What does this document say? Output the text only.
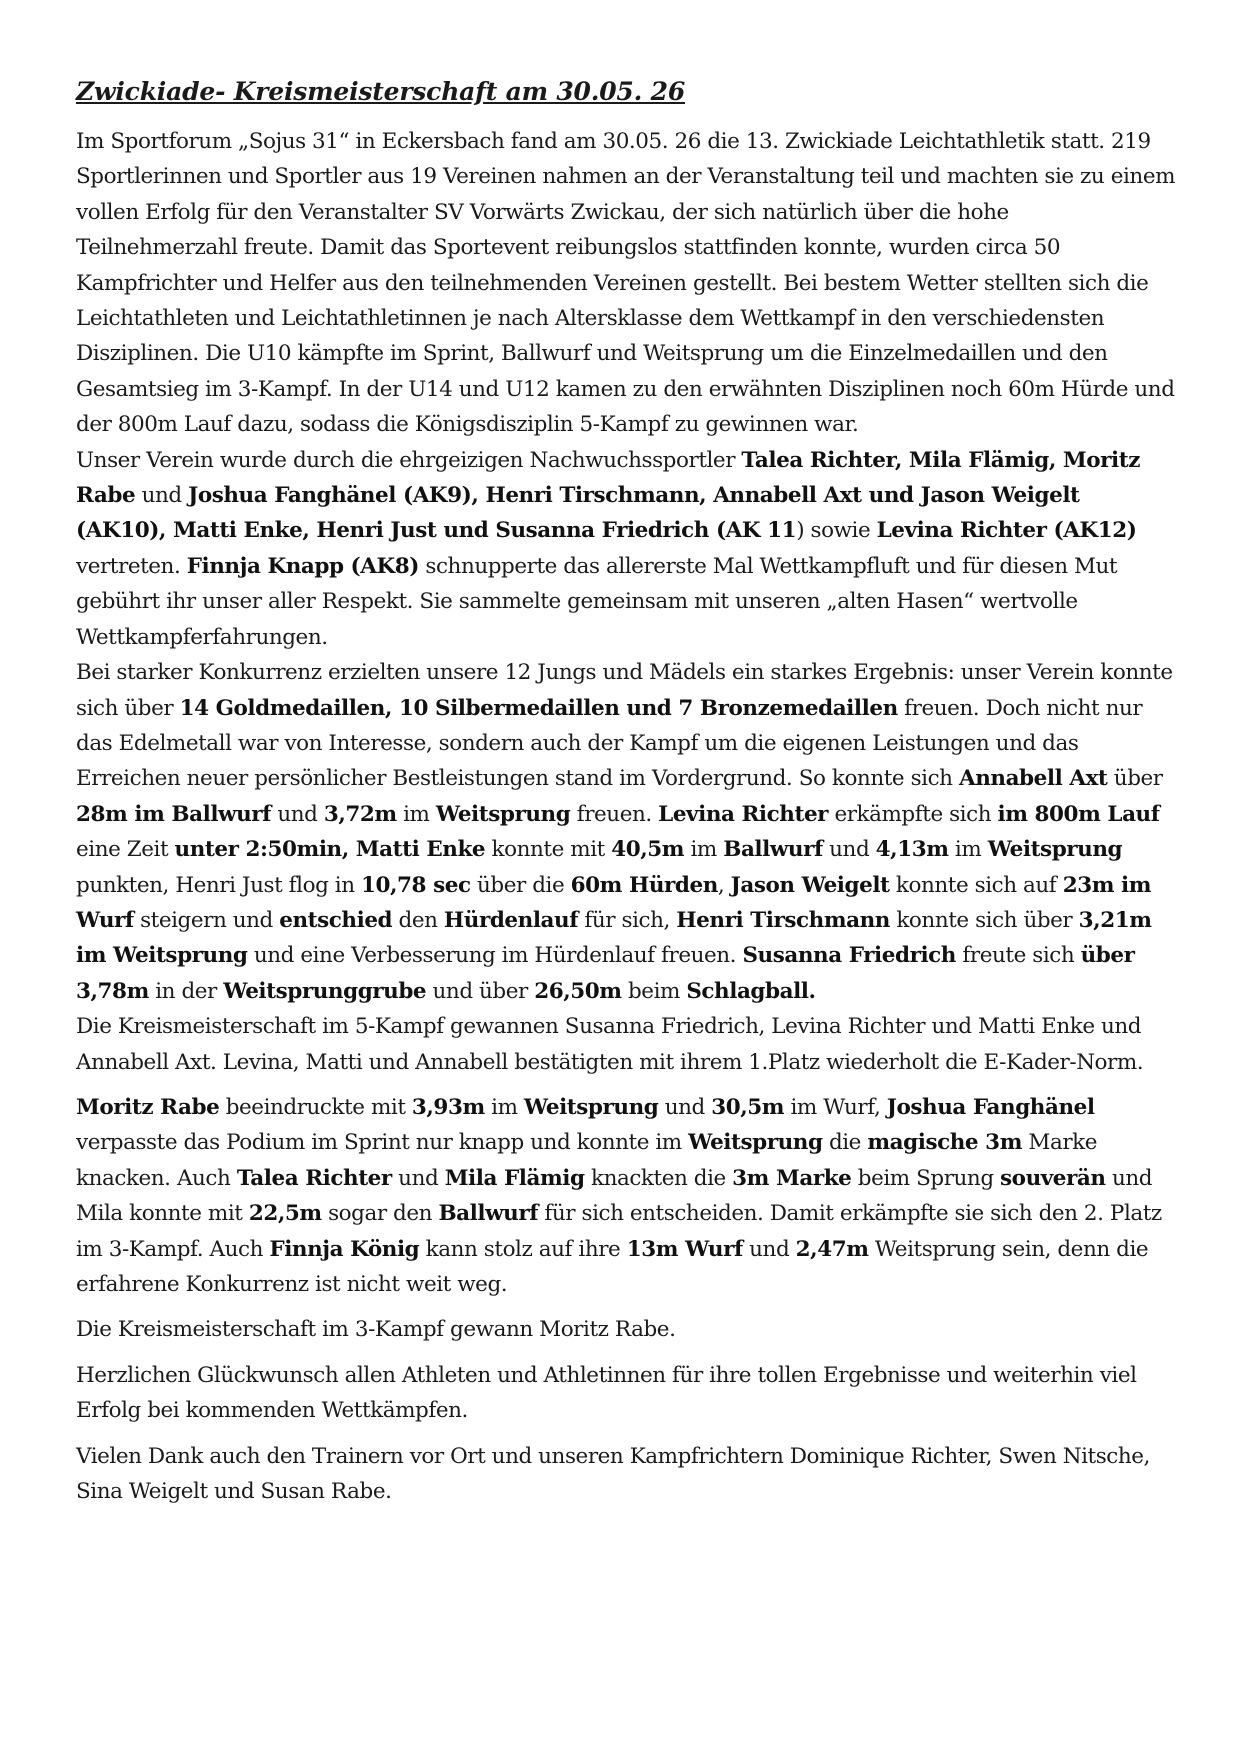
Zwickiade- Kreismeisterschaft am 30.05. 26

Im Sportforum „Sojus 31“ in Eckersbach fand am 30.05. 26 die 13. Zwickiade Leichtathletik statt. 219 Sportlerinnen und Sportler aus 19 Vereinen nahmen an der Veranstaltung teil und machten sie zu einem vollen Erfolg für den Veranstalter SV Vorwärts Zwickau, der sich natürlich über die hohe Teilnehmerzahl freute. Damit das Sportevent reibungslos stattfinden konnte, wurden circa 50 Kampfrichter und Helfer aus den teilnehmenden Vereinen gestellt. Bei bestem Wetter stellten sich die Leichtathleten und Leichtathletinnen je nach Altersklasse dem Wettkampf in den verschiedensten Disziplinen. Die U10 kämpfte im Sprint, Ballwurf und Weitsprung um die Einzelmedaillen und den Gesamtsieg im 3-Kampf. In der U14 und U12 kamen zu den erwähnten Disziplinen noch 60m Hürde und der 800m Lauf dazu, sodass die Königsdisziplin 5-Kampf zu gewinnen war.

Unser Verein wurde durch die ehrgeizigen Nachwuchssportler Talea Richter, Mila Flämig, Moritz Rabe und Joshua Fanghänel (AK9), Henri Tirschmann, Annabell Axt und Jason Weigelt (AK10), Matti Enke, Henri Just und Susanna Friedrich (AK 11) sowie Levina Richter (AK12) vertreten. Finnja Knapp (AK8) schnupperte das allererste Mal Wettkampfluft und für diesen Mut gebührt ihr unser aller Respekt. Sie sammelte gemeinsam mit unseren „alten Hasen“ wertvolle Wettkampferfahrungen.

Bei starker Konkurrenz erzielten unsere 12 Jungs und Mädels ein starkes Ergebnis: unser Verein konnte sich über 14 Goldmedaillen, 10 Silbermedaillen und 7 Bronzemedaillen freuen. Doch nicht nur das Edelmetall war von Interesse, sondern auch der Kampf um die eigenen Leistungen und das Erreichen neuer persönlicher Bestleistungen stand im Vordergrund. So konnte sich Annabell Axt über 28m im Ballwurf und 3,72m im Weitsprung freuen. Levina Richter erkämpfte sich im 800m Lauf eine Zeit unter 2:50min, Matti Enke konnte mit 40,5m im Ballwurf und 4,13m im Weitsprung punkten, Henri Just flog in 10,78 sec über die 60m Hürden, Jason Weigelt konnte sich auf 23m im Wurf steigern und entschied den Hürdenlauf für sich, Henri Tirschmann konnte sich über 3,21m im Weitsprung und eine Verbesserung im Hürdenlauf freuen. Susanna Friedrich freute sich über 3,78m in der Weitsprunggrube und über 26,50m beim Schlagball.

Die Kreismeisterschaft im 5-Kampf gewannen Susanna Friedrich, Levina Richter und Matti Enke und Annabell Axt. Levina, Matti und Annabell bestätigten mit ihrem 1.Platz wiederholt die E-Kader-Norm.

Moritz Rabe beeindruckte mit 3,93m im Weitsprung und 30,5m im Wurf, Joshua Fanghänel verpasste das Podium im Sprint nur knapp und konnte im Weitsprung die magische 3m Marke knacken. Auch Talea Richter und Mila Flämig knackten die 3m Marke beim Sprung souverän und Mila konnte mit 22,5m sogar den Ballwurf für sich entscheiden. Damit erkämpfte sie sich den 2. Platz im 3-Kampf. Auch Finnja König kann stolz auf ihre 13m Wurf und 2,47m Weitsprung sein, denn die erfahrene Konkurrenz ist nicht weit weg.

Die Kreismeisterschaft im 3-Kampf gewann Moritz Rabe.

Herzlichen Glückwunsch allen Athleten und Athletinnen für ihre tollen Ergebnisse und weiterhin viel Erfolg bei kommenden Wettkämpfen.

Vielen Dank auch den Trainern vor Ort und unseren Kampfrichtern Dominique Richter, Swen Nitsche, Sina Weigelt und Susan Rabe.
